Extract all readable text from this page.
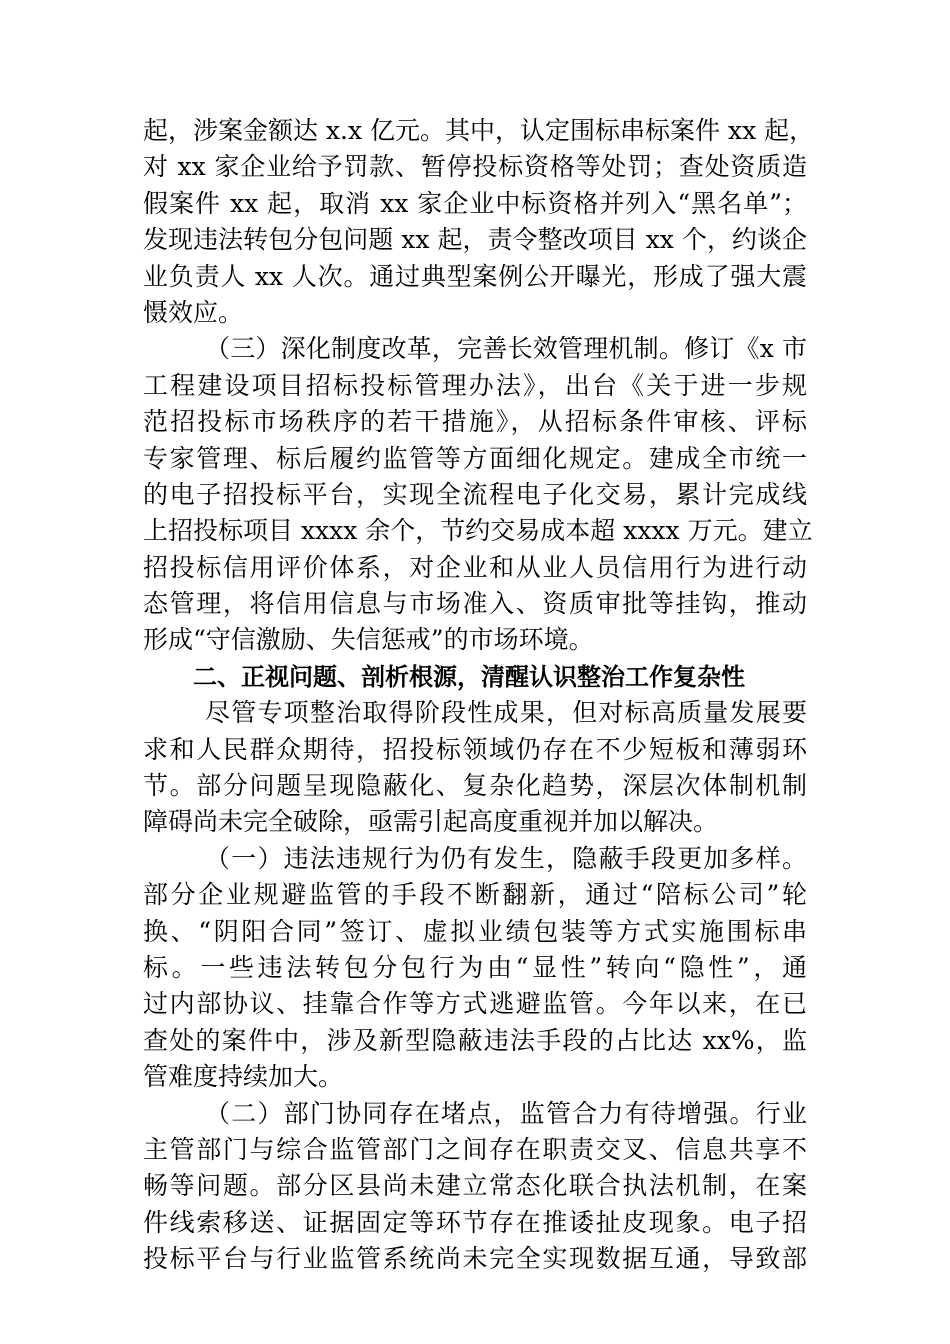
起，涉案金额达 x.x 亿元。其中，认定围标串标案件 xx 起，
对 xx 家企业给予罚款、暂停投标资格等处罚；查处资质造
假案件 xx 起，取消 xx 家企业中标资格并列入“黑名单”；
发现违法转包分包问题 xx 起，责令整改项目 xx 个，约谈企
业负责人 xx 人次。通过典型案例公开曝光，形成了强大震
慑效应。
（三）深化制度改革，完善长效管理机制。修订《x 市
工程建设项目招标投标管理办法》，出台《关于进一步规
范招投标市场秩序的若干措施》，从招标条件审核、评标
专家管理、标后履约监管等方面细化规定。建成全市统一
的电子招投标平台，实现全流程电子化交易，累计完成线
上招投标项目 xxxx 余个，节约交易成本超 xxxx 万元。建立
招投标信用评价体系，对企业和从业人员信用行为进行动
态管理，将信用信息与市场准入、资质审批等挂钩，推动
形成“守信激励、失信惩戒”的市场环境。
二、正视问题、剖析根源，清醒认识整治工作复杂性
尽管专项整治取得阶段性成果，但对标高质量发展要
求和人民群众期待，招投标领域仍存在不少短板和薄弱环
节。部分问题呈现隐蔽化、复杂化趋势，深层次体制机制
障碍尚未完全破除，亟需引起高度重视并加以解决。
（一）违法违规行为仍有发生，隐蔽手段更加多样。
部分企业规避监管的手段不断翻新，通过“陪标公司”轮
换、“阴阳合同”签订、虚拟业绩包装等方式实施围标串
标。一些违法转包分包行为由“显性”转向“隐性”，通
过内部协议、挂靠合作等方式逃避监管。今年以来，在已
查处的案件中，涉及新型隐蔽违法手段的占比达 xx%，监
管难度持续加大。
（二）部门协同存在堵点，监管合力有待增强。行业
主管部门与综合监管部门之间存在职责交叉、信息共享不
畅等问题。部分区县尚未建立常态化联合执法机制，在案
件线索移送、证据固定等环节存在推诿扯皮现象。电子招
投标平台与行业监管系统尚未完全实现数据互通，导致部
